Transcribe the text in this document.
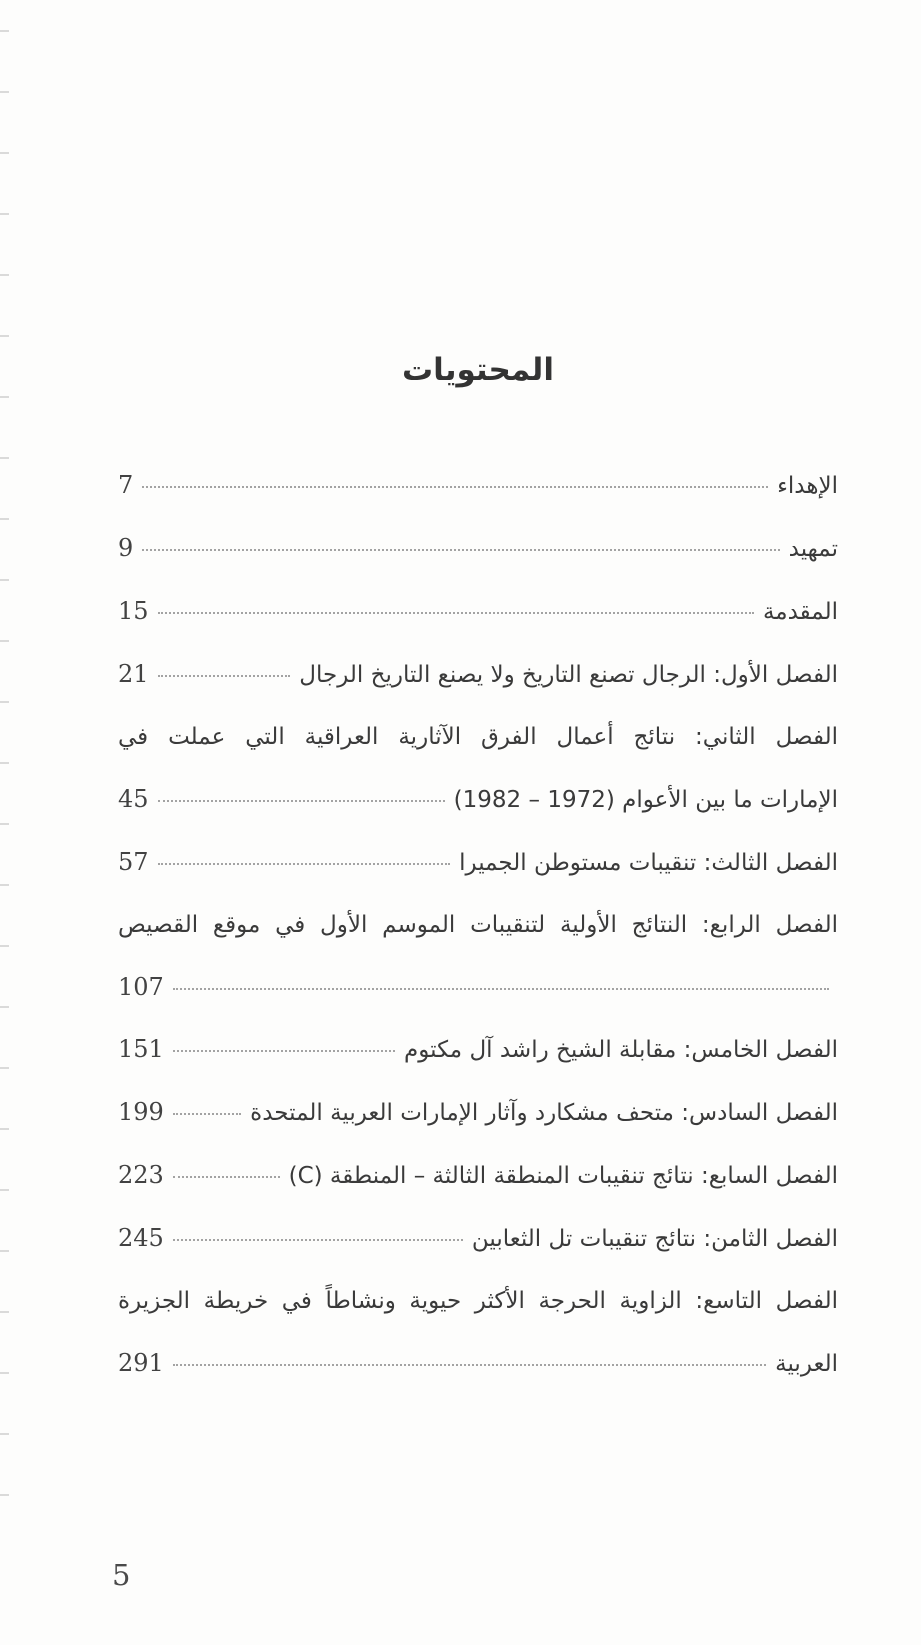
المحتويات
الإهداء
7
تمهيد
9
المقدمة
15
الفصل الأول: الرجال تصنع التاريخ ولا يصنع التاريخ الرجال
21
الفصل الثاني: نتائج أعمال الفرق الآثارية العراقية التي عملت في
الإمارات ما بين الأعوام (1972 – 1982)
45
الفصل الثالث: تنقيبات مستوطن الجميرا
57
الفصل الرابع: النتائج الأولية لتنقيبات الموسم الأول في موقع القصيص
107
الفصل الخامس: مقابلة الشيخ راشد آل مكتوم
151
الفصل السادس: متحف مشكارد وآثار الإمارات العربية المتحدة
199
الفصل السابع: نتائج تنقيبات المنطقة الثالثة – المنطقة (C)
223
الفصل الثامن: نتائج تنقيبات تل الثعابين
245
الفصل التاسع: الزاوية الحرجة الأكثر حيوية ونشاطاً في خريطة الجزيرة
العربية
291
5
